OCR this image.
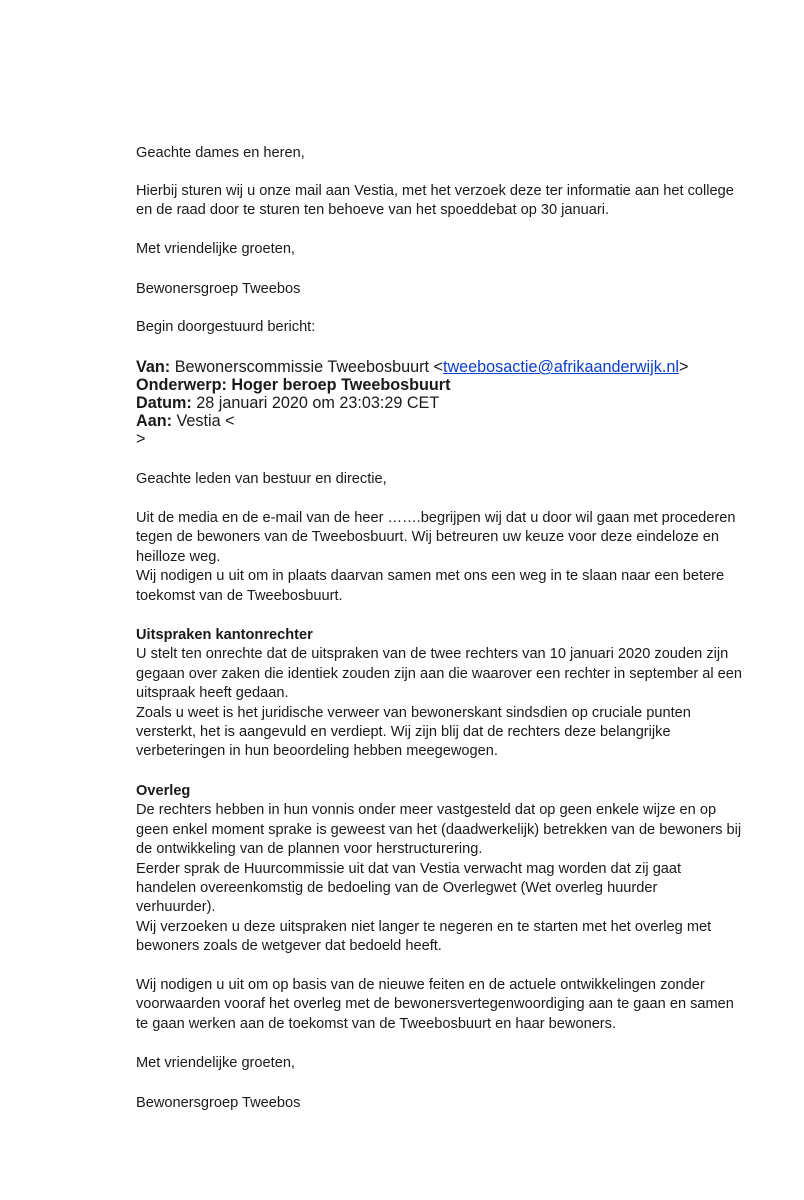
Geachte dames en heren,

Hierbij sturen wij u onze mail aan Vestia, met het verzoek deze ter informatie aan het college
en de raad door te sturen ten behoeve van het spoeddebat op 30 januari.

Met vriendelijke groeten,

Bewonersgroep Tweebos

Begin doorgestuurd bericht:

Van: Bewonerscommissie Tweebosbuurt <tweebosactie@afrikaanderwijk.nl>
Onderwerp: Hoger beroep Tweebosbuurt
Datum: 28 januari 2020 om 23:03:29 CET
Aan: Vestia <
>

Geachte leden van bestuur en directie,

Uit de media en de e-mail van de heer …….begrijpen wij dat u door wil gaan met procederen
tegen de bewoners van de Tweebosbuurt. Wij betreuren uw keuze voor deze eindeloze en
heilloze weg.
Wij nodigen u uit om in plaats daarvan samen met ons een weg in te slaan naar een betere
toekomst van de Tweebosbuurt.
Uitspraken kantonrechter
U stelt ten onrechte dat de uitspraken van de twee rechters van 10 januari 2020 zouden zijn
gegaan over zaken die identiek zouden zijn aan die waarover een rechter in september al een
uitspraak heeft gedaan.
Zoals u weet is het juridische verweer van bewonerskant sindsdien op cruciale punten
versterkt, het is aangevuld en verdiept. Wij zijn blij dat de rechters deze belangrijke
verbeteringen in hun beoordeling hebben meegewogen.
Overleg
De rechters hebben in hun vonnis onder meer vastgesteld dat op geen enkele wijze en op
geen enkel moment sprake is geweest van het (daadwerkelijk) betrekken van de bewoners bij
de ontwikkeling van de plannen voor herstructurering.
Eerder sprak de Huurcommissie uit dat van Vestia verwacht mag worden dat zij gaat
handelen overeenkomstig de bedoeling van de Overlegwet (Wet overleg huurder
verhuurder).
Wij verzoeken u deze uitspraken niet langer te negeren en te starten met het overleg met
bewoners zoals de wetgever dat bedoeld heeft.
Wij nodigen u uit om op basis van de nieuwe feiten en de actuele ontwikkelingen zonder
voorwaarden vooraf het overleg met de bewonersvertegenwoordiging aan te gaan en samen
te gaan werken aan de toekomst van de Tweebosbuurt en haar bewoners.

Met vriendelijke groeten,

Bewonersgroep Tweebos
